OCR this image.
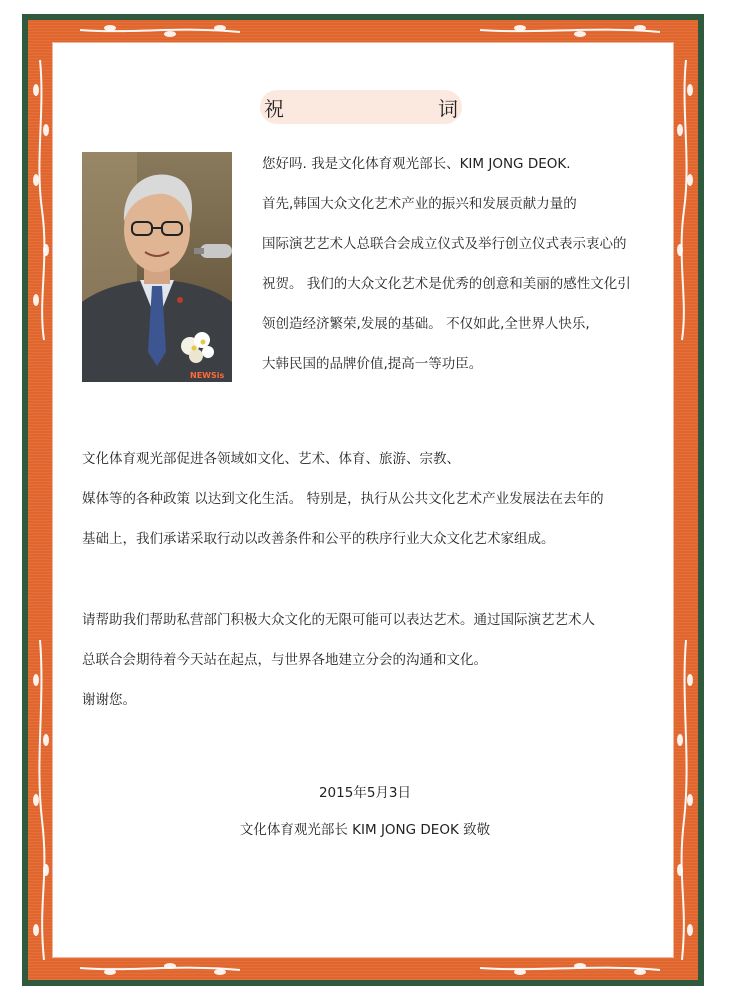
祝　　词
NEWSis
您好吗. 我是文化体育观光部长、KIM JONG DEOK.
首先,韩国大众文化艺术产业的振兴和发展贡献力量的
国际演艺艺术人总联合会成立仪式及举行创立仪式表示衷心的
祝贺。 我们的大众文化艺术是优秀的创意和美丽的感性文化引
领创造经济繁荣,发展的基础。 不仅如此,全世界人快乐,
大韩民国的品牌价值,提高一等功臣。
文化体育观光部促进各领域如文化、艺术、体育、旅游、宗教、
媒体等的各种政策 以达到文化生活。 特别是，执行从公共文化艺术产业发展法在去年的
基础上，我们承诺采取行动以改善条件和公平的秩序行业大众文化艺术家组成。
请帮助我们帮助私营部门积极大众文化的无限可能可以表达艺术。通过国际演艺艺术人
总联合会期待着今天站在起点，与世界各地建立分会的沟通和文化。
谢谢您。
2015年5月3日
文化体育观光部长 KIM JONG DEOK 致敬
